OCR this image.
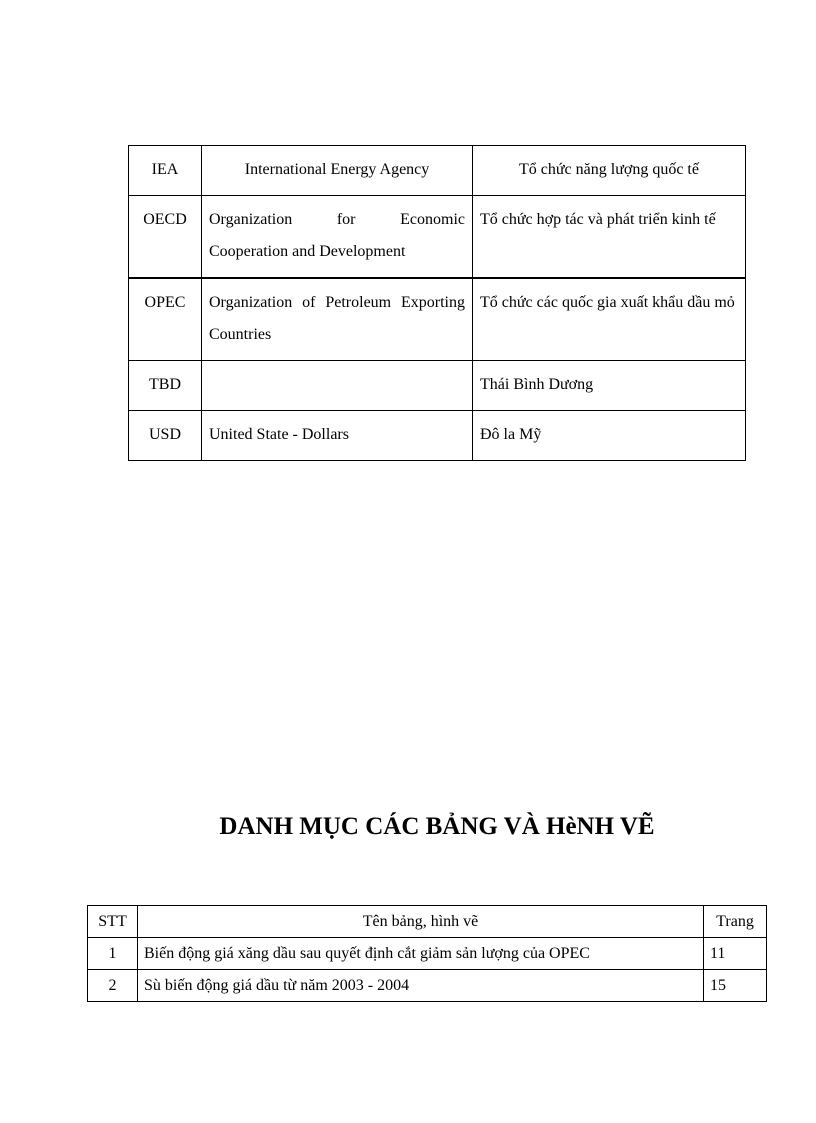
IEA	International Energy Agency	Tổ chức năng lượng quốc tế

OECD	Organization for Economic Cooperation and Development	Tổ chức hợp tác và phát triển kinh tế

OPEC	Organization of Petroleum Exporting Countries	Tổ chức các quốc gia xuất khẩu dầu mỏ

TBD		Thái Bình Dương

USD	United State - Dollars	Đô la Mỹ
DANH MỤC CÁC BẢNG VÀ HèNH VẼ
STT	Tên bảng, hình vẽ	Trang
1	Biến động giá xăng dầu sau quyết định cắt giảm sản lượng của OPEC	11
2	Sù biến động giá dầu từ năm 2003 - 2004	15
